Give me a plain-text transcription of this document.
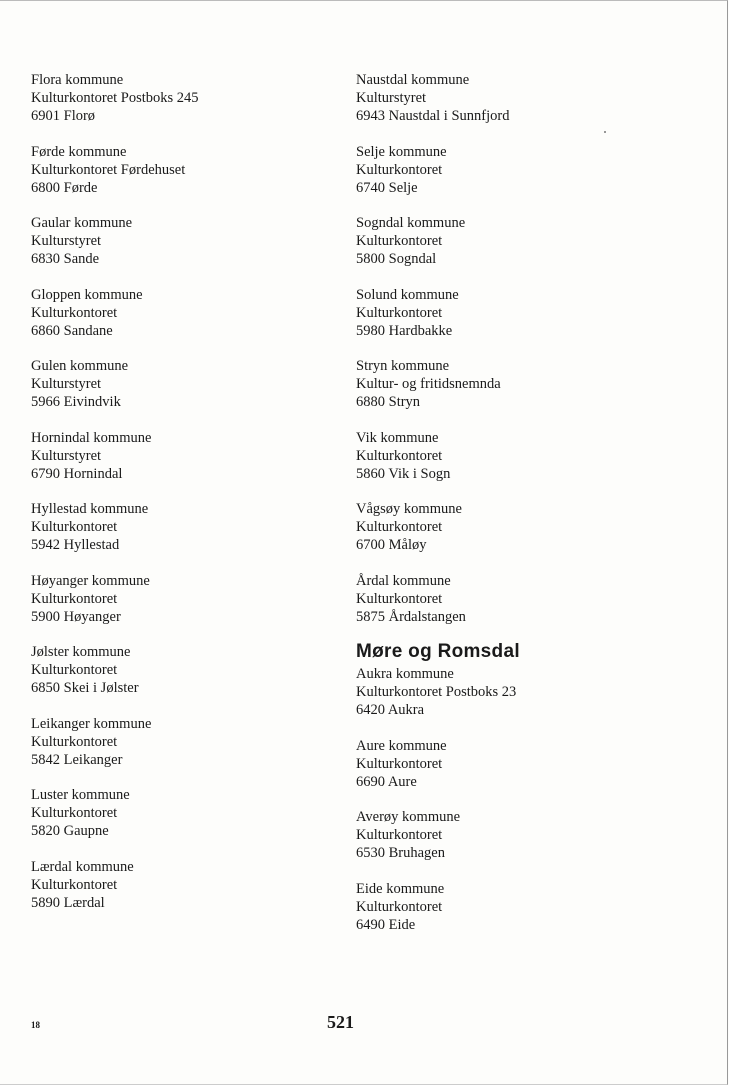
Flora kommune
Kulturkontoret Postboks 245
6901 Florø
Førde kommune
Kulturkontoret Førdehuset
6800 Førde
Gaular kommune
Kulturstyret
6830 Sande
Gloppen kommune
Kulturkontoret
6860 Sandane
Gulen kommune
Kulturstyret
5966 Eivindvik
Hornindal kommune
Kulturstyret
6790 Hornindal
Hyllestad kommune
Kulturkontoret
5942 Hyllestad
Høyanger kommune
Kulturkontoret
5900 Høyanger
Jølster kommune
Kulturkontoret
6850 Skei i Jølster
Leikanger kommune
Kulturkontoret
5842 Leikanger
Luster kommune
Kulturkontoret
5820 Gaupne
Lærdal kommune
Kulturkontoret
5890 Lærdal
Naustdal kommune
Kulturstyret
6943 Naustdal i Sunnfjord
Selje kommune
Kulturkontoret
6740 Selje
Sogndal kommune
Kulturkontoret
5800 Sogndal
Solund kommune
Kulturkontoret
5980 Hardbakke
Stryn kommune
Kultur- og fritidsnemnda
6880 Stryn
Vik kommune
Kulturkontoret
5860 Vik i Sogn
Vågsøy kommune
Kulturkontoret
6700 Måløy
Årdal kommune
Kulturkontoret
5875 Årdalstangen
Møre og Romsdal
Aukra kommune
Kulturkontoret Postboks 23
6420 Aukra
Aure kommune
Kulturkontoret
6690 Aure
Averøy kommune
Kulturkontoret
6530 Bruhagen
Eide kommune
Kulturkontoret
6490 Eide
18	521
